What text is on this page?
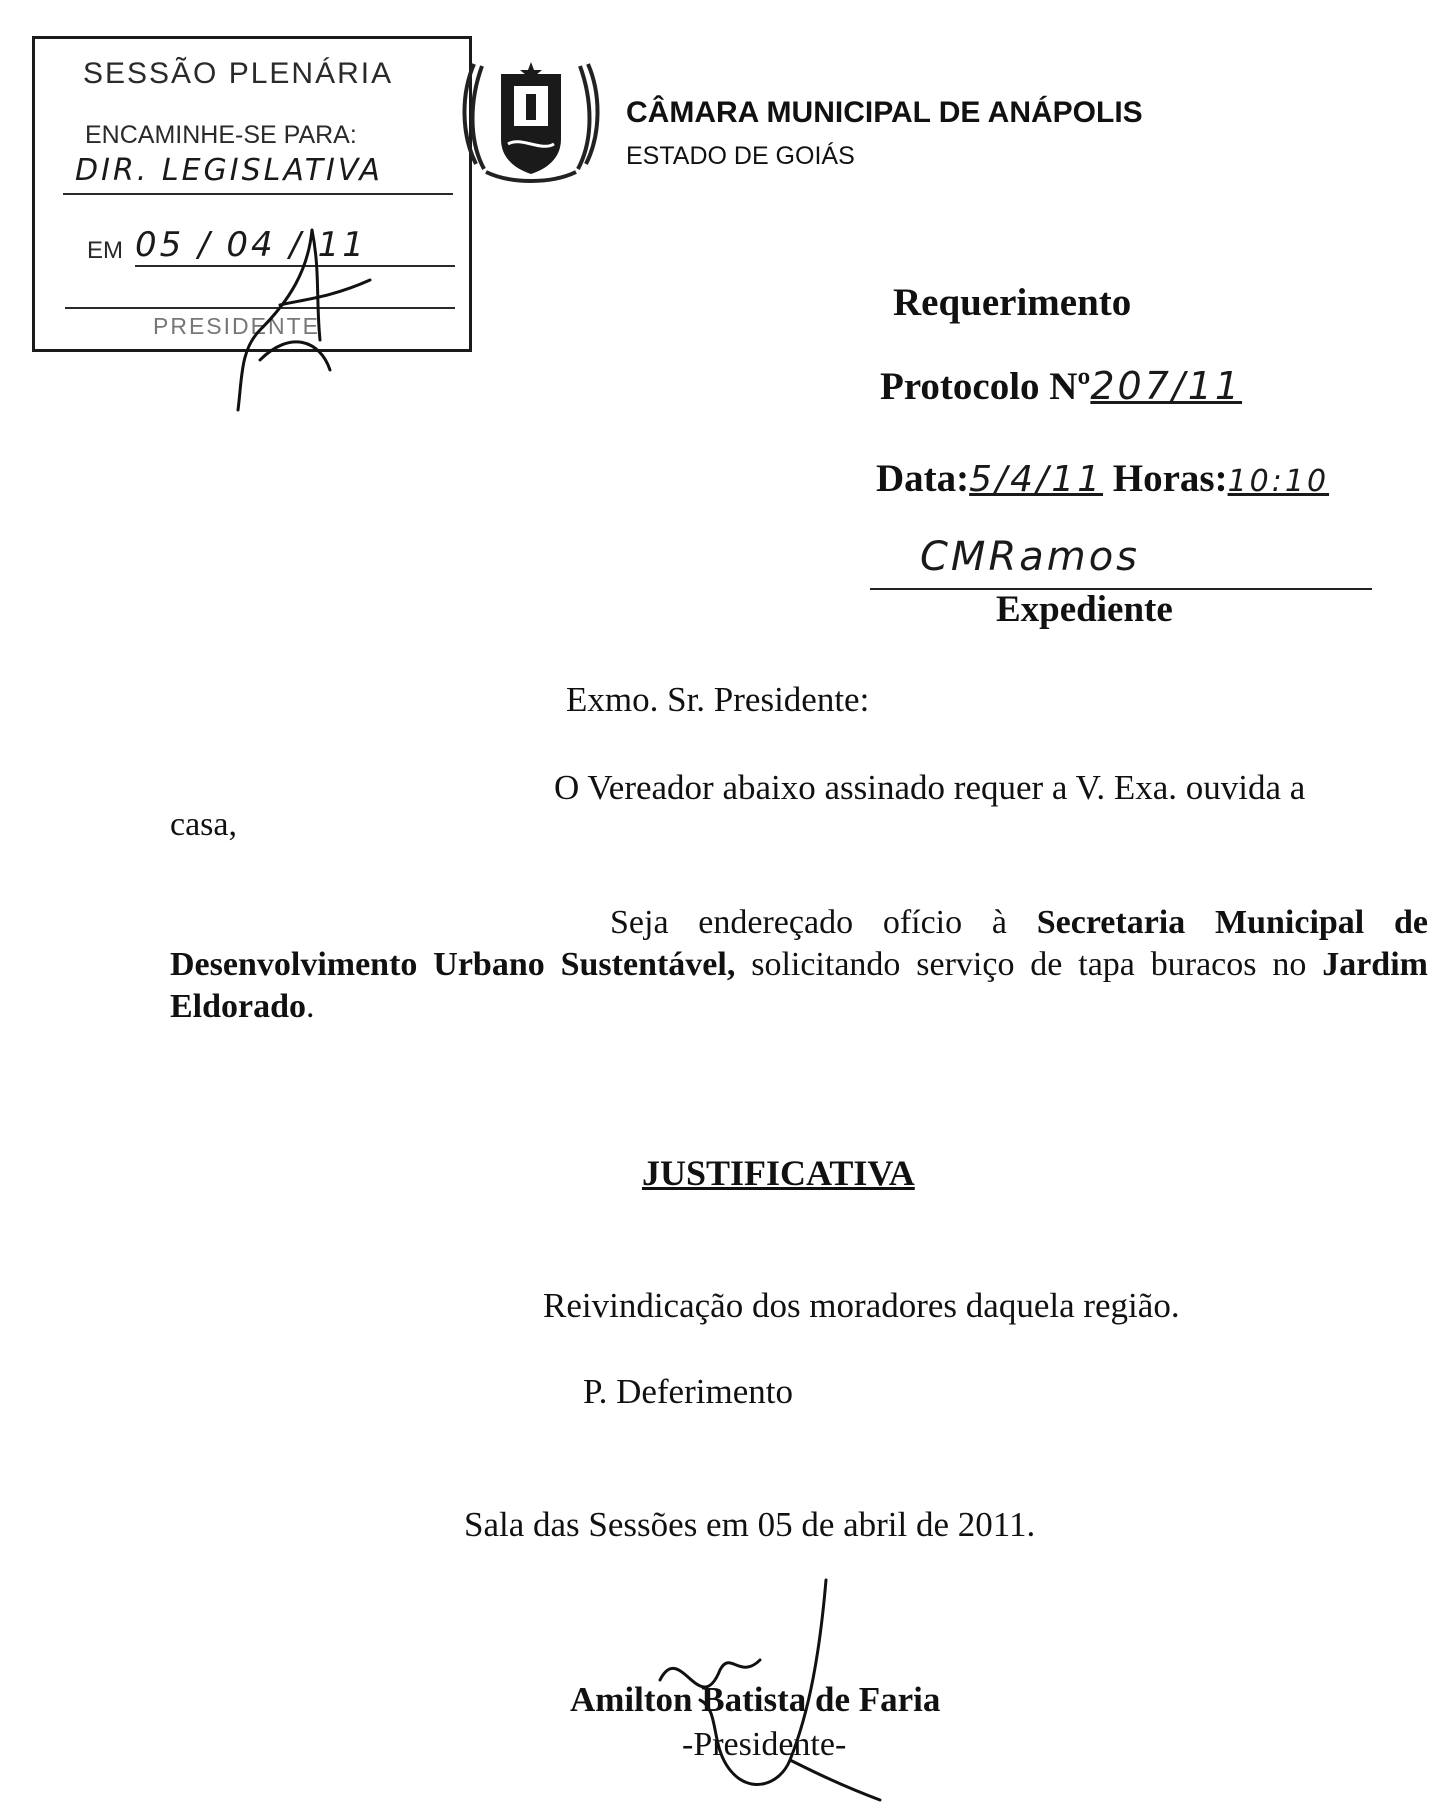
SESSÃO PLENÁRIA
ENCAMINHE-SE PARA:
DIR. LEGISLATIVA
EM 05 / 04 / 11
PRESIDENTE
CÂMARA MUNICIPAL DE ANÁPOLIS
ESTADO DE GOIÁS
Requerimento
Protocolo Nº207/11
Data:5/4/11 Horas:10:10
CMRamos
Expediente
Exmo. Sr. Presidente:
O Vereador abaixo assinado requer a V. Exa. ouvida a
casa,
Seja endereçado ofício à Secretaria Municipal de Desenvolvimento Urbano Sustentável, solicitando serviço de tapa buracos no Jardim Eldorado.
JUSTIFICATIVA
Reivindicação dos moradores daquela região.
P. Deferimento
Sala das Sessões em 05 de abril de 2011.
Amilton Batista de Faria
-Presidente-
